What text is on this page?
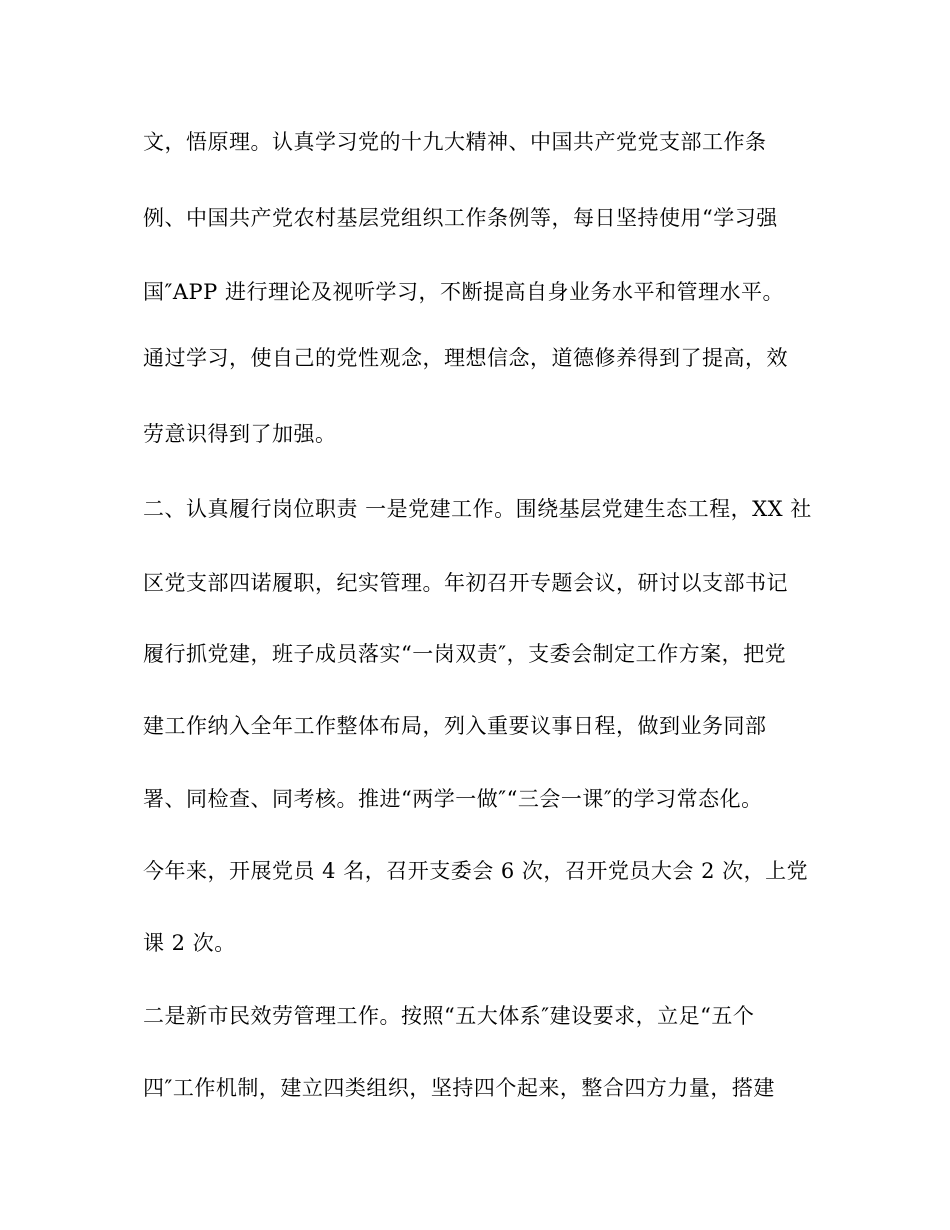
文，悟原理。认真学习党的十九大精神、中国共产党党支部工作条
例、中国共产党农村基层党组织工作条例等，每日坚持使用“学习强
国″APP 进行理论及视听学习，不断提高自身业务水平和管理水平。
通过学习，使自己的党性观念，理想信念，道德修养得到了提高，效
劳意识得到了加强。
二、认真履行岗位职责 一是党建工作。围绕基层党建生态工程，XX 社
区党支部四诺履职，纪实管理。年初召开专题会议，研讨以支部书记
履行抓党建，班子成员落实“一岗双责″，支委会制定工作方案，把党
建工作纳入全年工作整体布局，列入重要议事日程，做到业务同部
署、同检查、同考核。推进“两学一做″“三会一课″的学习常态化。
今年来，开展党员 4 名，召开支委会 6 次，召开党员大会 2 次，上党
课 2 次。
二是新市民效劳管理工作。按照“五大体系″建设要求，立足“五个
四″工作机制，建立四类组织，坚持四个起来，整合四方力量，搭建
